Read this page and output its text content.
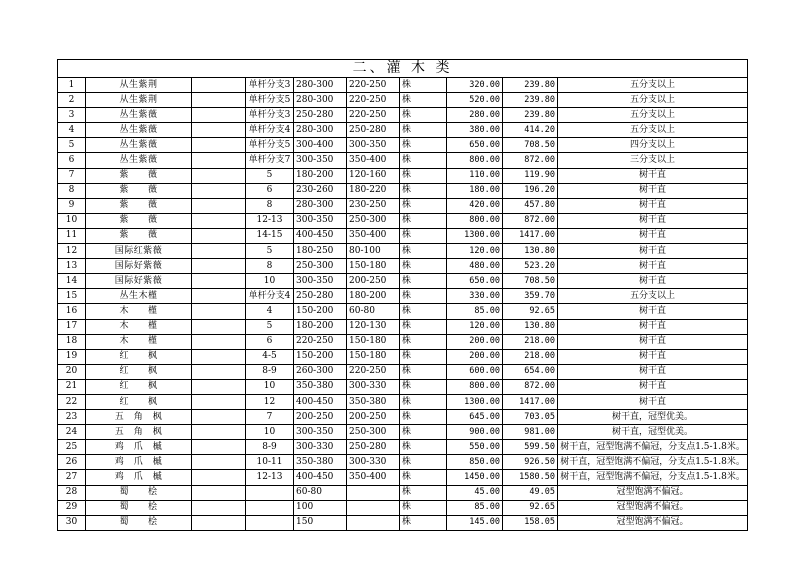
二、灌 木 类									
1	从生紫荆		单杆分支3	280-300	220-250	株	320.00	239.80	五分支以上
2	从生紫荆		单杆分支5	280-300	220-250	株	520.00	239.80	五分支以上
3	丛生紫薇		单杆分支3	250-280	220-250	株	280.00	239.80	五分支以上
4	丛生紫薇		单杆分支4	280-300	250-280	株	380.00	414.20	五分支以上
5	丛生紫薇		单杆分支5	300-400	300-350	株	650.00	708.50	四分支以上
6	丛生紫薇		单杆分支7	300-350	350-400	株	800.00	872.00	三分支以上
7	紫　　薇		5	180-200	120-160	株	110.00	119.90	树干直
8	紫　　薇		6	230-260	180-220	株	180.00	196.20	树干直
9	紫　　薇		8	280-300	230-250	株	420.00	457.80	树干直
10	紫　　薇		12-13	300-350	250-300	株	800.00	872.00	树干直
11	紫　　薇		14-15	400-450	350-400	株	1300.00	1417.00	树干直
12	国际红紫薇		5	180-250	80-100	株	120.00	130.80	树干直
13	国际好紫薇		8	250-300	150-180	株	480.00	523.20	树干直
14	国际好紫薇		10	300-350	200-250	株	650.00	708.50	树干直
15	丛生木槿		单杆分支4	250-280	180-200	株	330.00	359.70	五分支以上
16	木　　槿		4	150-200	60-80	株	85.00	92.65	树干直
17	木　　槿		5	180-200	120-130	株	120.00	130.80	树干直
18	木　　槿		6	220-250	150-180	株	200.00	218.00	树干直
19	红　　枫		4-5	150-200	150-180	株	200.00	218.00	树干直
20	红　　枫		8-9	260-300	220-250	株	600.00	654.00	树干直
21	红　　枫		10	350-380	300-330	株	800.00	872.00	树干直
22	红　　枫		12	400-450	350-380	株	1300.00	1417.00	树干直
23	五　角　枫		7	200-250	200-250	株	645.00	703.05	树干直，冠型优美。
24	五　角　枫		10	300-350	250-300	株	900.00	981.00	树干直，冠型优美。
25	鸡　爪　槭		8-9	300-330	250-280	株	550.00	599.50	树干直，冠型饱满不偏冠，分支点1.5-1.8米。
26	鸡　爪　槭		10-11	350-380	300-330	株	850.00	926.50	树干直，冠型饱满不偏冠，分支点1.5-1.8米。
27	鸡　爪　槭		12-13	400-450	350-400	株	1450.00	1580.50	树干直，冠型饱满不偏冠，分支点1.5-1.8米。
28	蜀　　桧			60-80		株	45.00	49.05	冠型饱满不偏冠。
29	蜀　　桧			100		株	85.00	92.65	冠型饱满不偏冠。
30	蜀　　桧			150		株	145.00	158.05	冠型饱满不偏冠。
